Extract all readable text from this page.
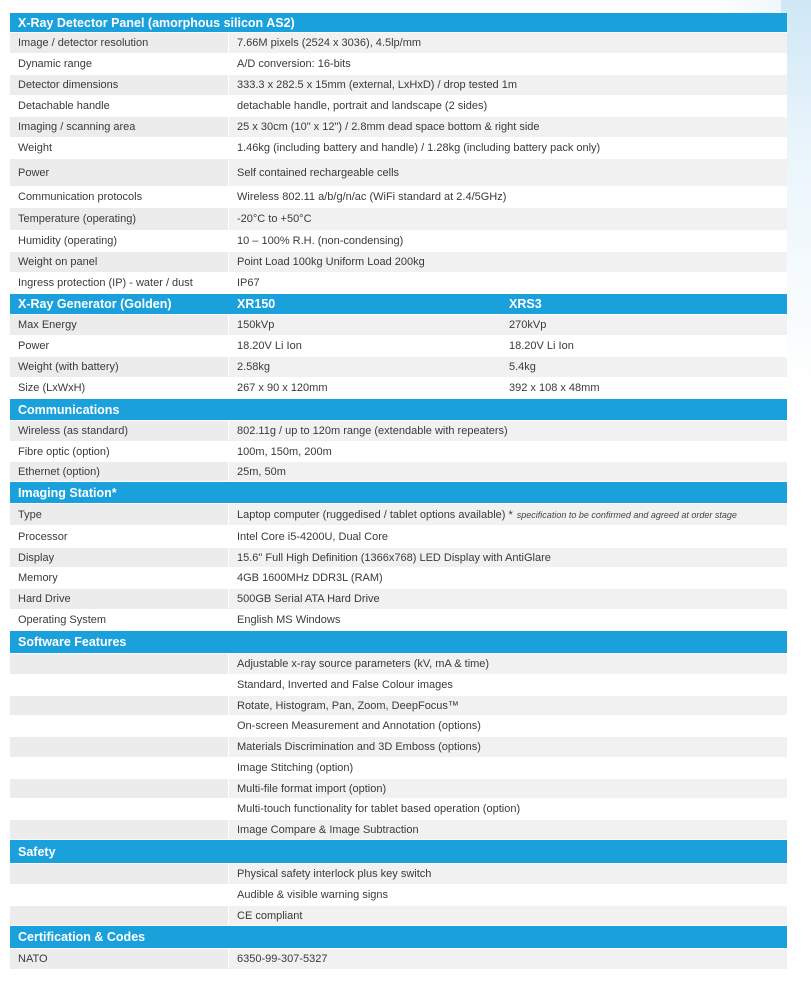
X-Ray Detector Panel (amorphous silicon AS2)
Image / detector resolution	7.66M pixels (2524 x 3036), 4.5lp/mm
Dynamic range	A/D conversion: 16-bits
Detector dimensions	333.3 x 282.5 x 15mm (external, LxHxD) / drop tested 1m
Detachable handle	detachable handle, portrait and landscape (2 sides)
Imaging / scanning area	25 x 30cm (10" x 12") / 2.8mm dead space bottom & right side
Weight	1.46kg (including battery and handle) / 1.28kg (including battery pack only)
Power	Self contained rechargeable cells
Communication protocols	Wireless 802.11 a/b/g/n/ac (WiFi standard at 2.4/5GHz)
Temperature (operating)	-20°C to +50°C
Humidity (operating)	10 – 100% R.H. (non-condensing)
Weight on panel	Point Load 100kg Uniform Load 200kg
Ingress protection (IP) - water / dust	IP67
X-Ray Generator (Golden)	XR150	XRS3
Max Energy	150kVp	270kVp
Power	18.20V Li Ion	18.20V Li Ion
Weight (with battery)	2.58kg	5.4kg
Size (LxWxH)	267 x 90 x 120mm	392 x 108 x 48mm
Communications
Wireless (as standard)	802.11g / up to 120m range (extendable with repeaters)
Fibre optic (option)	100m, 150m, 200m
Ethernet (option)	25m, 50m
Imaging Station*
Type	Laptop computer (ruggedised / tablet options available) * specification to be confirmed and agreed at order stage
Processor	Intel Core i5-4200U, Dual Core
Display	15.6" Full High Definition (1366x768) LED Display with AntiGlare
Memory	4GB 1600MHz DDR3L (RAM)
Hard Drive	500GB Serial ATA Hard Drive
Operating System	English MS Windows
Software Features
Adjustable x-ray source parameters (kV, mA & time)
Standard, Inverted and False Colour images
Rotate, Histogram, Pan, Zoom, DeepFocus™
On-screen Measurement and Annotation (options)
Materials Discrimination and 3D Emboss (options)
Image Stitching (option)
Multi-file format import (option)
Multi-touch functionality for tablet based operation (option)
Image Compare & Image Subtraction
Safety
Physical safety interlock plus key switch
Audible & visible warning signs
CE compliant
Certification & Codes
NATO	6350-99-307-5327
